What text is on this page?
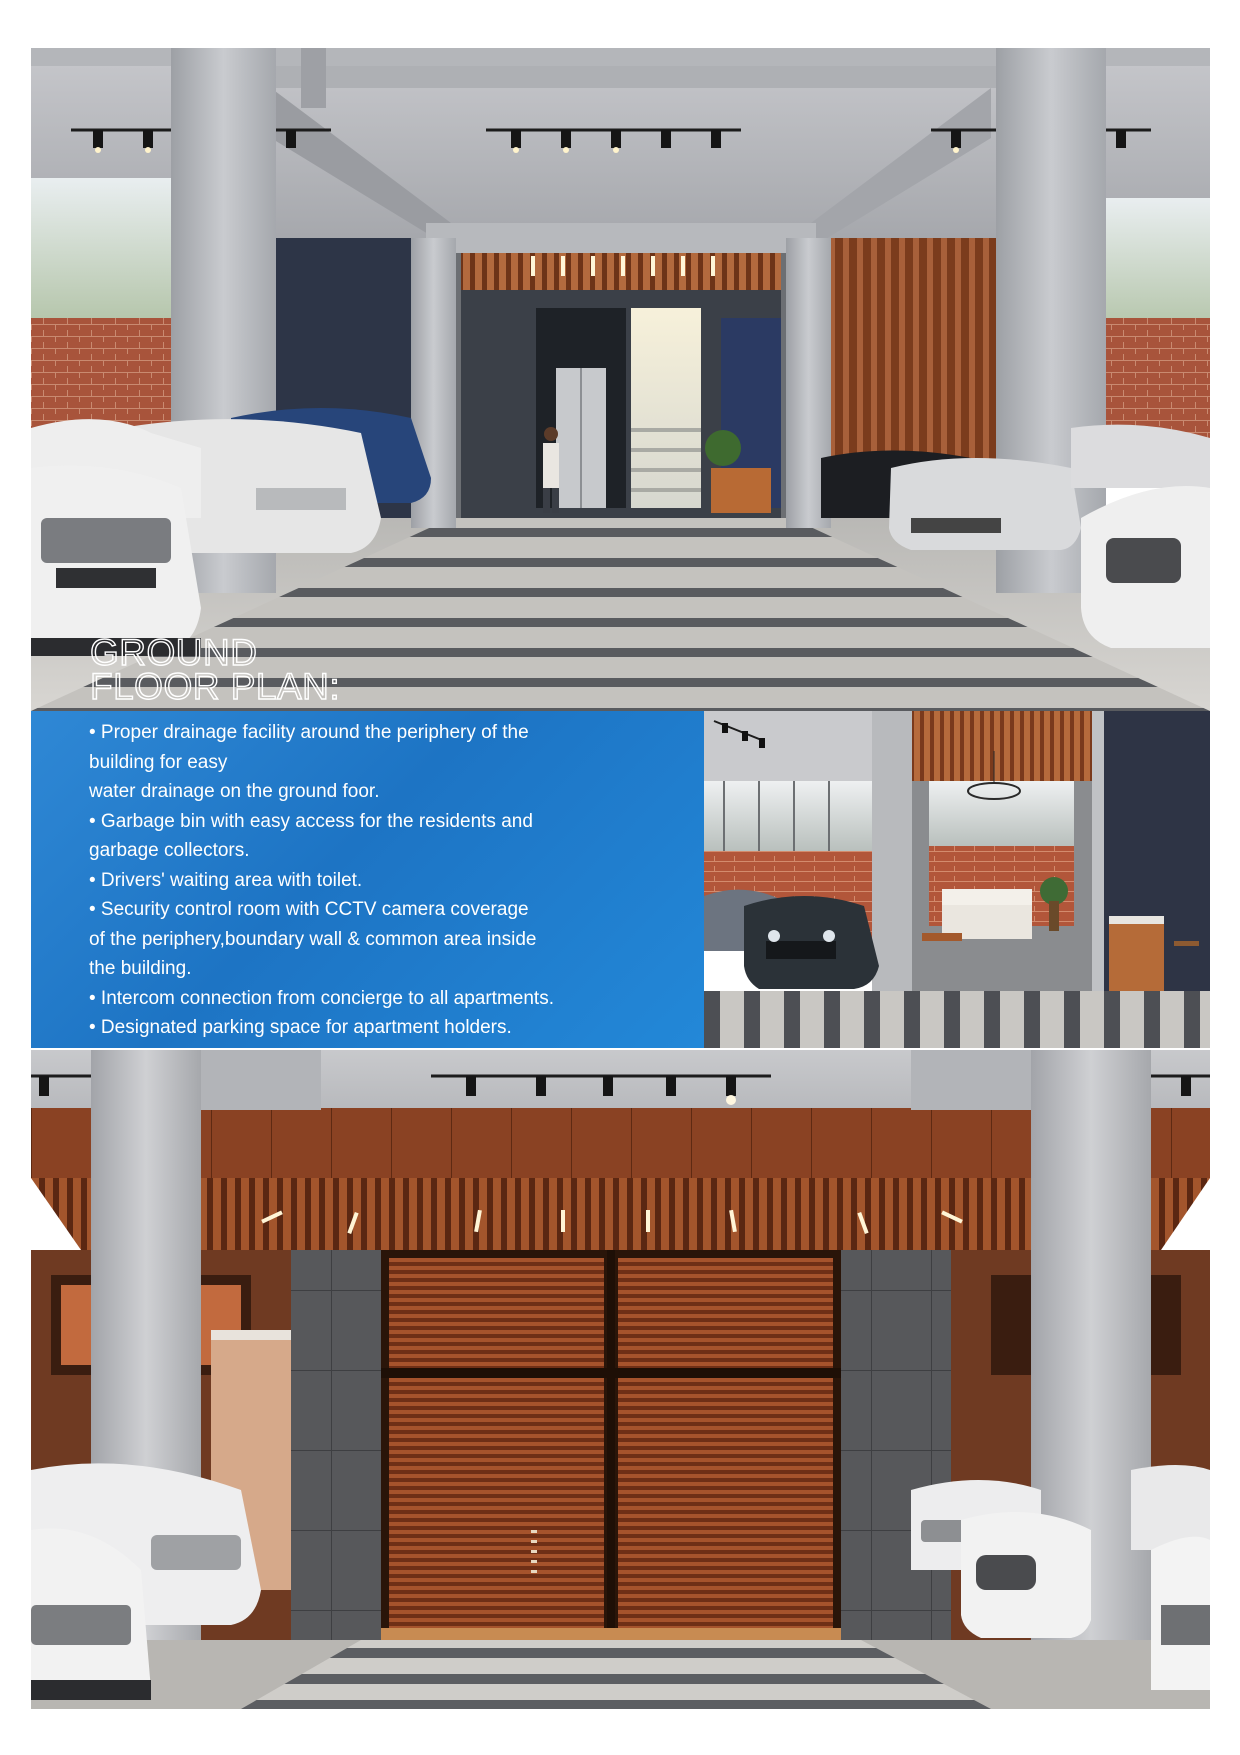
GROUND
FLOOR PLAN:

• Proper drainage facility around the periphery of the

building for easy

water drainage on the ground foor.

• Garbage bin with easy access for the residents and

garbage collectors.

• Drivers' waiting area with toilet.

• Security control room with CCTV camera coverage

of the periphery,boundary wall & common area inside

the building.

• Intercom connection from concierge to all apartments.

• Designated parking space for apartment holders.
